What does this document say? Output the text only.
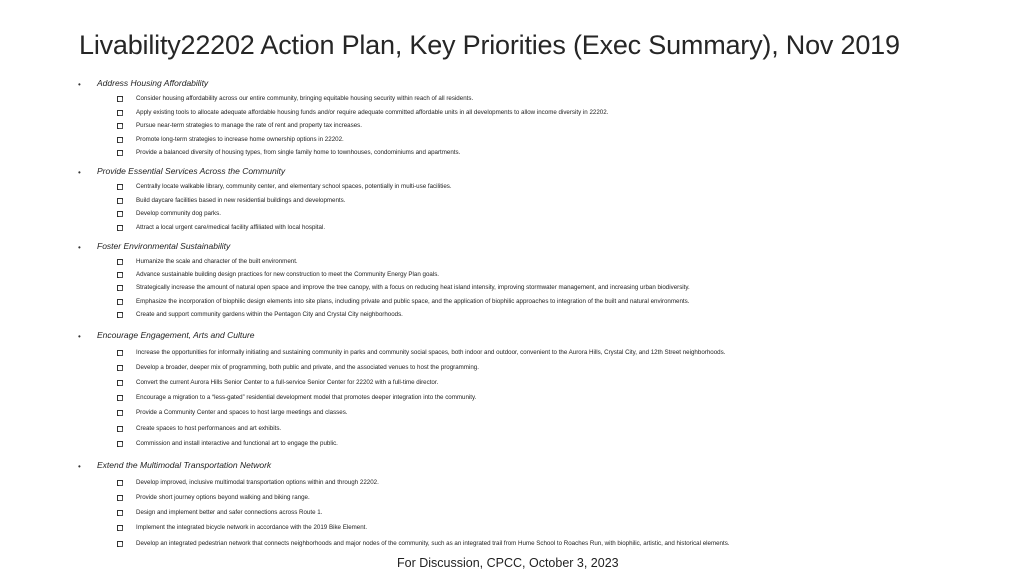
Livability22202 Action Plan, Key Priorities (Exec Summary), Nov 2019
• Address Housing Affordability
Consider housing affordability across our entire community, bringing equitable housing security within reach of all residents.
Apply existing tools to allocate adequate affordable housing funds and/or require adequate committed affordable units in all developments to allow income diversity in 22202.
Pursue near-term strategies to manage the rate of rent and property tax increases.
Promote long-term strategies to increase home ownership options in 22202.
Provide a balanced diversity of housing types, from single family home to townhouses, condominiums and apartments.
• Provide Essential Services Across the Community
Centrally locate walkable library, community center, and elementary school spaces, potentially in multi-use facilities.
Build daycare facilities based in new residential buildings and developments.
Develop community dog parks.
Attract a local urgent care/medical facility affiliated with local hospital.
• Foster Environmental Sustainability
Humanize the scale and character of the built environment.
Advance sustainable building design practices for new construction to meet the Community Energy Plan goals.
Strategically increase the amount of natural open space and improve the tree canopy, with a focus on reducing heat island intensity, improving stormwater management, and increasing urban biodiversity.
Emphasize the incorporation of biophilic design elements into site plans, including private and public space, and the application of biophilic approaches to integration of the built and natural environments.
Create and support community gardens within the Pentagon City and Crystal City neighborhoods.
• Encourage Engagement, Arts and Culture
Increase the opportunities for informally initiating and sustaining community in parks and community social spaces, both indoor and outdoor, convenient to the Aurora Hills, Crystal City, and 12th Street neighborhoods.
Develop a broader, deeper mix of programming, both public and private, and the associated venues to host the programming.
Convert the current Aurora Hills Senior Center to a full-service Senior Center for 22202 with a full-time director.
Encourage a migration to a “less-gated” residential development model that promotes deeper integration into the community.
Provide a Community Center and spaces to host large meetings and classes.
Create spaces to host performances and art exhibits.
Commission and install interactive and functional art to engage the public.
• Extend the Multimodal Transportation Network
Develop improved, inclusive multimodal transportation options within and through 22202.
Provide short journey options beyond walking and biking range.
Design and implement better and safer connections across Route 1.
Implement the integrated bicycle network in accordance with the 2019 Bike Element.
Develop an integrated pedestrian network that connects neighborhoods and major nodes of the community, such as an integrated trail from Hume School to Roaches Run, with biophilic, artistic, and historical elements.
For Discussion, CPCC, October 3, 2023
